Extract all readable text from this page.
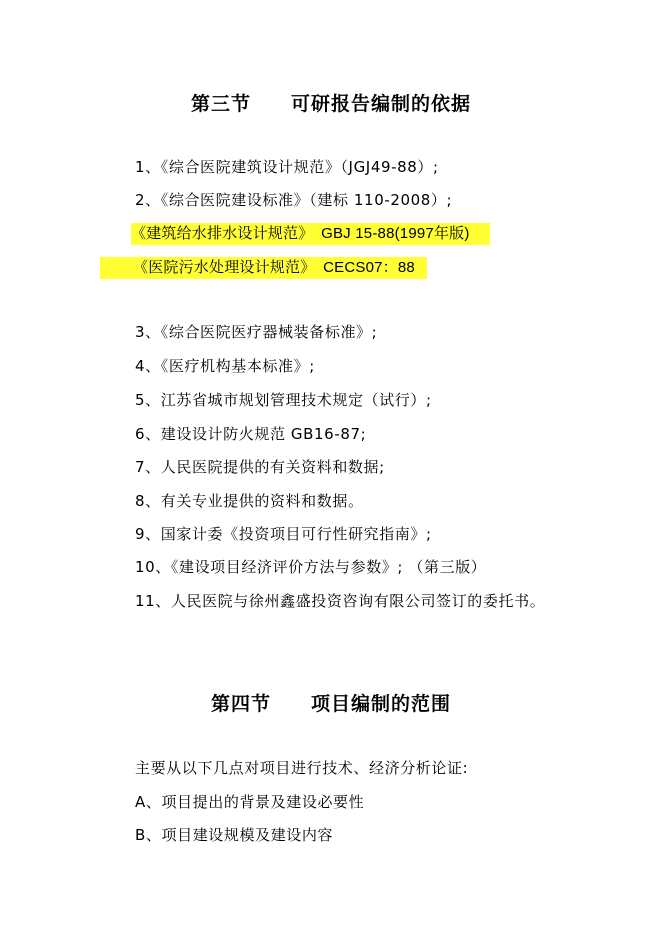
第三节　　可研报告编制的依据
1、《综合医院建筑设计规范》（JGJ49-88）;
2、《综合医院建设标准》（建标 110-2008）;
《建筑给水排水设计规范》　GBJ 15-88(1997年版)
《医院污水处理设计规范》　CECS07：88
3、《综合医院医疗器械装备标准》;
4、《医疗机构基本标准》;
5、江苏省城市规划管理技术规定（试行）;
6、建设设计防火规范 GB16-87;
7、人民医院提供的有关资料和数据;
8、有关专业提供的资料和数据。
9、国家计委《投资项目可行性研究指南》;
10、《建设项目经济评价方法与参数》; （第三版）
11、人民医院与徐州鑫盛投资咨询有限公司签订的委托书。
第四节　　项目编制的范围
主要从以下几点对项目进行技术、经济分析论证:
A、项目提出的背景及建设必要性
B、项目建设规模及建设内容
